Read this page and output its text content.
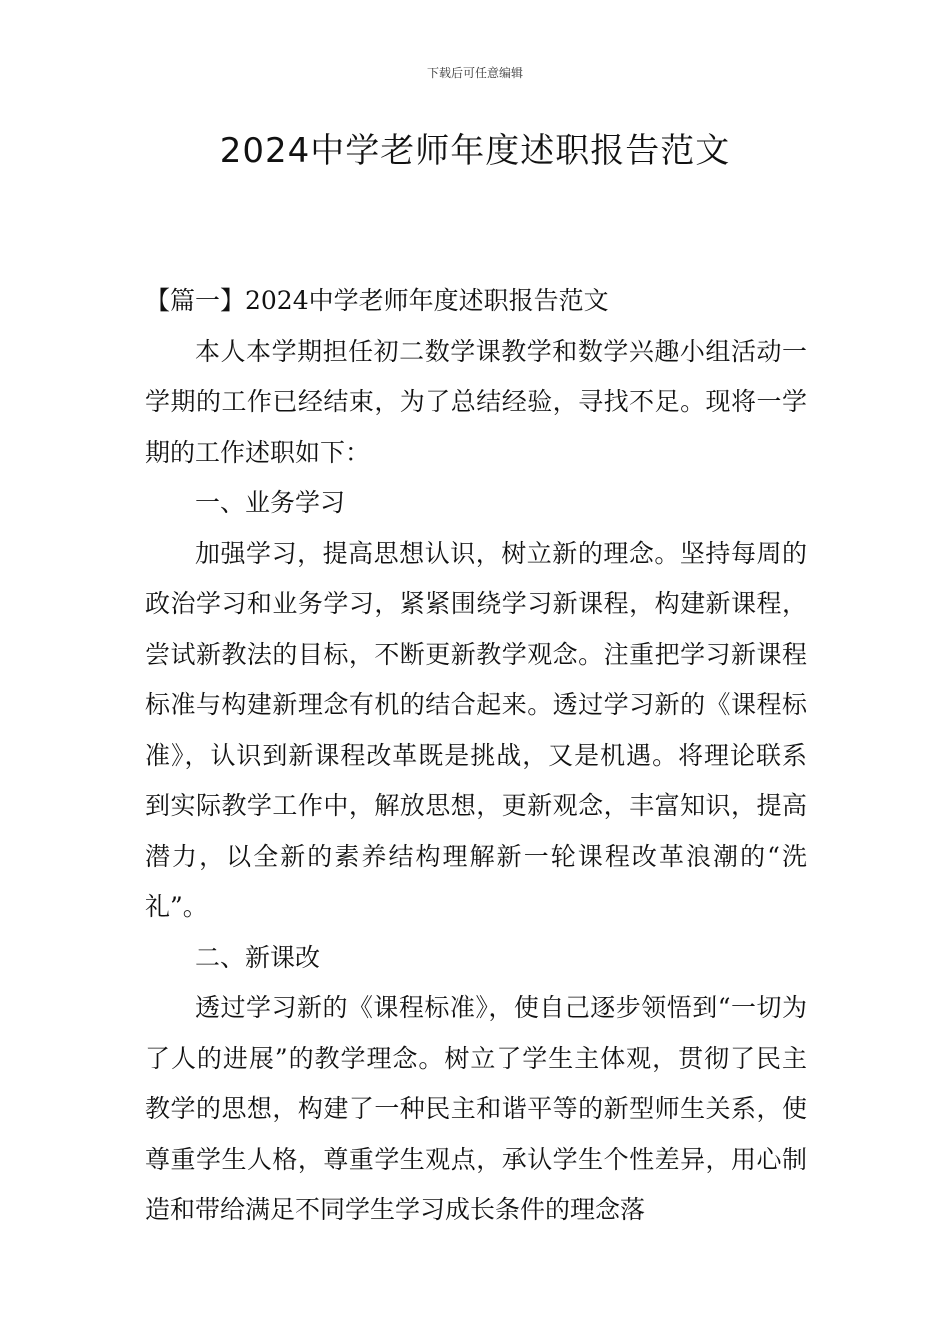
下载后可任意编辑
2024中学老师年度述职报告范文

【篇一】2024中学老师年度述职报告范文

本人本学期担任初二数学课教学和数学兴趣小组活动一学期的工作已经结束，为了总结经验，寻找不足。现将一学期的工作述职如下：

一、业务学习

加强学习，提高思想认识，树立新的理念。坚持每周的政治学习和业务学习，紧紧围绕学习新课程，构建新课程，尝试新教法的目标，不断更新教学观念。注重把学习新课程标准与构建新理念有机的结合起来。透过学习新的《课程标准》，认识到新课程改革既是挑战，又是机遇。将理论联系到实际教学工作中，解放思想，更新观念，丰富知识，提高潜力，以全新的素养结构理解新一轮课程改革浪潮的“洗礼”。

二、新课改

透过学习新的《课程标准》，使自己逐步领悟到“一切为了人的进展”的教学理念。树立了学生主体观，贯彻了民主教学的思想，构建了一种民主和谐平等的新型师生关系，使尊重学生人格，尊重学生观点，承认学生个性差异，用心制造和带给满足不同学生学习成长条件的理念落
